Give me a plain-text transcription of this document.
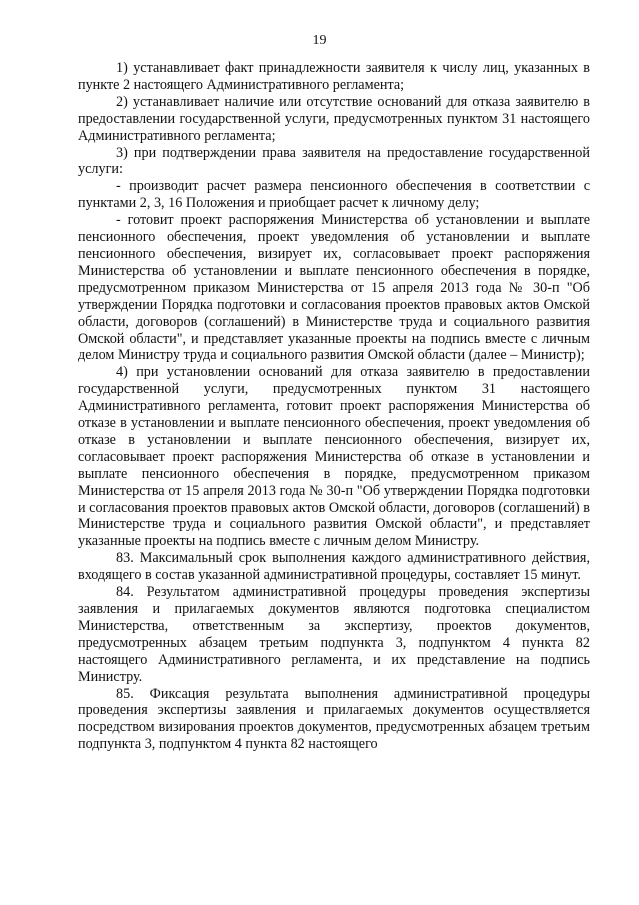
19

1) устанавливает факт принадлежности заявителя к числу лиц, указанных в пункте 2 настоящего Административного регламента;

2) устанавливает наличие или отсутствие оснований для отказа заявителю в предоставлении государственной услуги, предусмотренных пунктом 31 настоящего Административного регламента;

3) при подтверждении права заявителя на предоставление государственной услуги:

- производит расчет размера пенсионного обеспечения в соответствии с пунктами 2, 3, 16 Положения и приобщает расчет к личному делу;

- готовит проект распоряжения Министерства об установлении и выплате пенсионного обеспечения, проект уведомления об установлении и выплате пенсионного обеспечения, визирует их, согласовывает проект распоряжения Министерства об установлении и выплате пенсионного обеспечения в порядке, предусмотренном приказом Министерства от 15 апреля 2013 года № 30-п "Об утверждении Порядка подготовки и согласования проектов правовых актов Омской области, договоров (соглашений) в Министерстве труда и социального развития Омской области", и представляет указанные проекты на подпись вместе с личным делом Министру труда и социального развития Омской области (далее – Министр);

4) при установлении оснований для отказа заявителю в предоставлении государственной услуги, предусмотренных пунктом 31 настоящего Административного регламента, готовит проект распоряжения Министерства об отказе в установлении и выплате пенсионного обеспечения, проект уведомления об отказе в установлении и выплате пенсионного обеспечения, визирует их, согласовывает проект распоряжения Министерства об отказе в установлении и выплате пенсионного обеспечения в порядке, предусмотренном приказом Министерства от 15 апреля 2013 года № 30-п "Об утверждении Порядка подготовки и согласования проектов правовых актов Омской области, договоров (соглашений) в Министерстве труда и социального развития Омской области", и представляет указанные проекты на подпись вместе с личным делом Министру.

83. Максимальный срок выполнения каждого административного действия, входящего в состав указанной административной процедуры, составляет 15 минут.

84. Результатом административной процедуры проведения экспертизы заявления и прилагаемых документов являются подготовка специалистом Министерства, ответственным за экспертизу, проектов документов, предусмотренных абзацем третьим подпункта 3, подпунктом 4 пункта 82 настоящего Административного регламента, и их представление на подпись Министру.

85. Фиксация результата выполнения административной процедуры проведения экспертизы заявления и прилагаемых документов осуществляется посредством визирования проектов документов, предусмотренных абзацем третьим подпункта 3, подпунктом 4 пункта 82 настоящего
